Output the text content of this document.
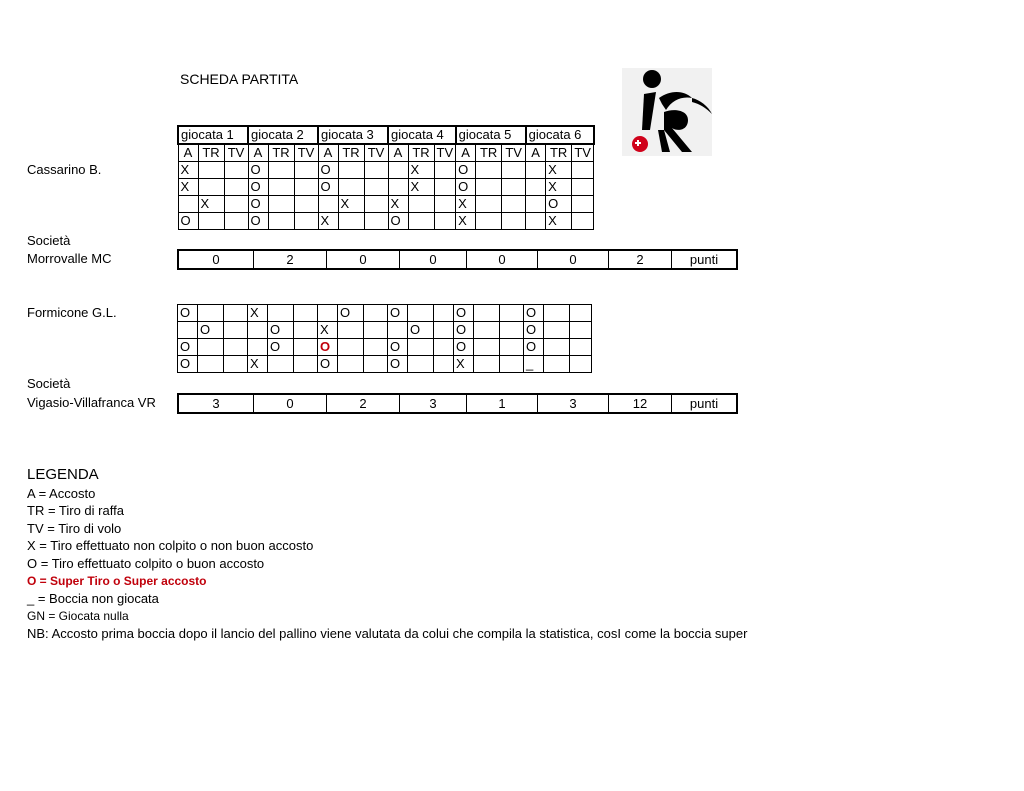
SCHEDA PARTITA
Cassarino B.
Società
Morrovalle MC
Formicone G.L.
Società
Vigasio-Villafranca VR
giocata 1			giocata 2			giocata 3			giocata 4			giocata 5			giocata 6		
A	TR	TV	A	TR	TV	A	TR	TV	A	TR	TV	A	TR	TV	A	TR	TV
X			O			O				X		O				X	
X			O			O				X		O				X	
	X		O				X		X			X				O	
O			O			X			O			X				X	
0	2	0	0	0	0	2	punti
O			X				O		O			O			O		
	O			O		X				O		O			O		
O				O		O			O			O			O		
O			X			O			O			X			_		
3	0	2	3	1	3	12	punti
LEGENDA
A = Accosto
TR = Tiro di raffa
TV = Tiro di volo
X = Tiro effettuato non colpito o non buon accosto
O = Tiro effettuato colpito o buon accosto
O = Super Tiro o Super accosto
_ = Boccia non giocata
GN = Giocata nulla
NB: Accosto prima boccia dopo il lancio del pallino viene valutata da colui che compila la statistica, cosI come la boccia super
